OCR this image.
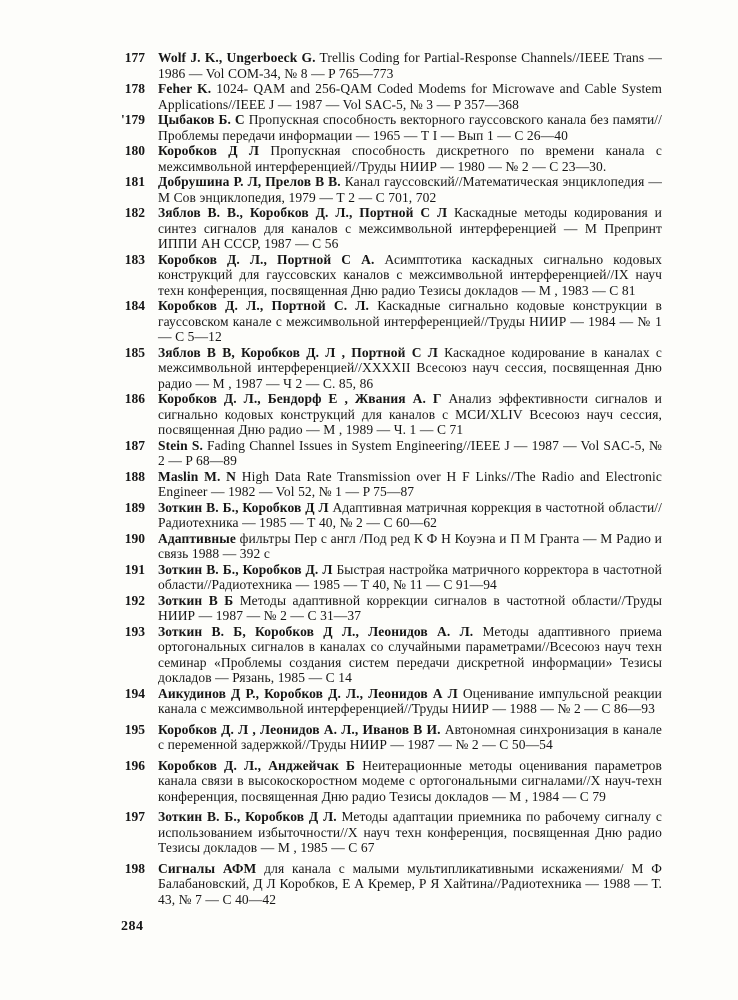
177 Wolf J. K., Ungerboeck G. Trellis Coding for Partial-Response Channels//IEEE Trans — 1986 — Vol COM-34, № 8 — P 765—773

178 Feher K. 1024- QAM and 256-QAM Coded Modems for Microwave and Cable System Applications//IEEE J — 1987 — Vol SAC-5, № 3 — P 357—368

'179 Цыбаков Б. С Пропускная способность векторного гауссовского канала без памяти//Проблемы передачи информации — 1965 — Т I — Вып 1 — С 26—40

180 Коробков Д Л Пропускная способность дискретного по времени канала с межсимвольной интерференцией//Труды НИИР — 1980 — № 2 — С 23—30.

181 Добрушина Р. Л, Прелов В В. Канал гауссовский//Математическая энциклопедия — М Сов энциклопедия, 1979 — Т 2 — С 701, 702

182 Зяблов В. В., Коробков Д. Л., Портной С Л Каскадные методы кодирования и синтез сигналов для каналов с межсимвольной интерференцией — М Препринт ИППИ АН СССР, 1987 — С 56

183 Коробков Д. Л., Портной С А. Асимптотика каскадных сигнально кодовых конструкций для гауссовских каналов с межсимвольной интерференцией//IX науч техн конференция, посвященная Дню радио Тезисы докладов — М , 1983 — С 81

184 Коробков Д. Л., Портной С. Л. Каскадные сигнально кодовые конструкции в гауссовском канале с межсимвольной интерференцией//Труды НИИР — 1984 — № 1 — С 5—12

185 Зяблов В В, Коробков Д. Л , Портной С Л Каскадное кодирование в каналах с межсимвольной интерференцией//XXXXII Всесоюз науч сессия, посвященная Дню радио — М , 1987 — Ч 2 — С. 85, 86

186 Коробков Д. Л., Бендорф Е , Жвания А. Г Анализ эффективности сигналов и сигнально кодовых конструкций для каналов с МСИ/XLIV Всесоюз науч сессия, посвященная Дню радио — М , 1989 — Ч. 1 — С 71

187 Stein S. Fading Channel Issues in System Engineering//IEEE J — 1987 — Vol SAC-5, № 2 — P 68—89

188 Maslin M. N High Data Rate Transmission over H F Links//The Radio and Electronic Engineer — 1982 — Vol 52, № 1 — P 75—87

189 Зоткин В. Б., Коробков Д Л Адаптивная матричная коррекция в частотной области//Радиотехника — 1985 — Т 40, № 2 — С 60—62

190 Адаптивные фильтры Пер с англ /Под ред К Ф Н Коуэна и П М Гранта — М Радио и связь 1988 — 392 с

191 Зоткин В. Б., Коробков Д. Л Быстрая настройка матричного корректора в частотной области//Радиотехника — 1985 — Т 40, № 11 — С 91—94

192 Зоткин В Б Методы адаптивной коррекции сигналов в частотной области//Труды НИИР — 1987 — № 2 — С 31—37

193 Зоткин В. Б, Коробков Д Л., Леонидов А. Л. Методы адаптивного приема ортогональных сигналов в каналах со случайными параметрами//Всесоюз науч техн семинар «Проблемы создания систем передачи дискретной информации» Тезисы докладов — Рязань, 1985 — С 14

194 Аикудинов Д Р., Коробков Д. Л., Леонидов А Л Оценивание импульсной реакции канала с межсимвольной интерференцией//Труды НИИР — 1988 — № 2 — С 86—93

195 Коробков Д. Л , Леонидов А. Л., Иванов В И. Автономная синхронизация в канале с переменной задержкой//Труды НИИР — 1987 — № 2 — С 50—54

196 Коробков Д. Л., Анджейчак Б Неитерационные методы оценивания параметров канала связи в высокоскоростном модеме с ортогональными сигналами//X науч-техн конференция, посвященная Дню радио Тезисы докладов — М , 1984 — С 79

197 Зоткин В. Б., Коробков Д Л. Методы адаптации приемника по рабочему сигналу с использованием избыточности//X науч техн конференция, посвященная Дню радио Тезисы докладов — М , 1985 — С 67

198 Сигналы АФМ для канала с малыми мультипликативными искажениями/ М Ф Балабановский, Д Л Коробков, Е А Кремер, Р Я Хайтина//Радиотехника — 1988 — Т. 43, № 7 — С 40—42

284
